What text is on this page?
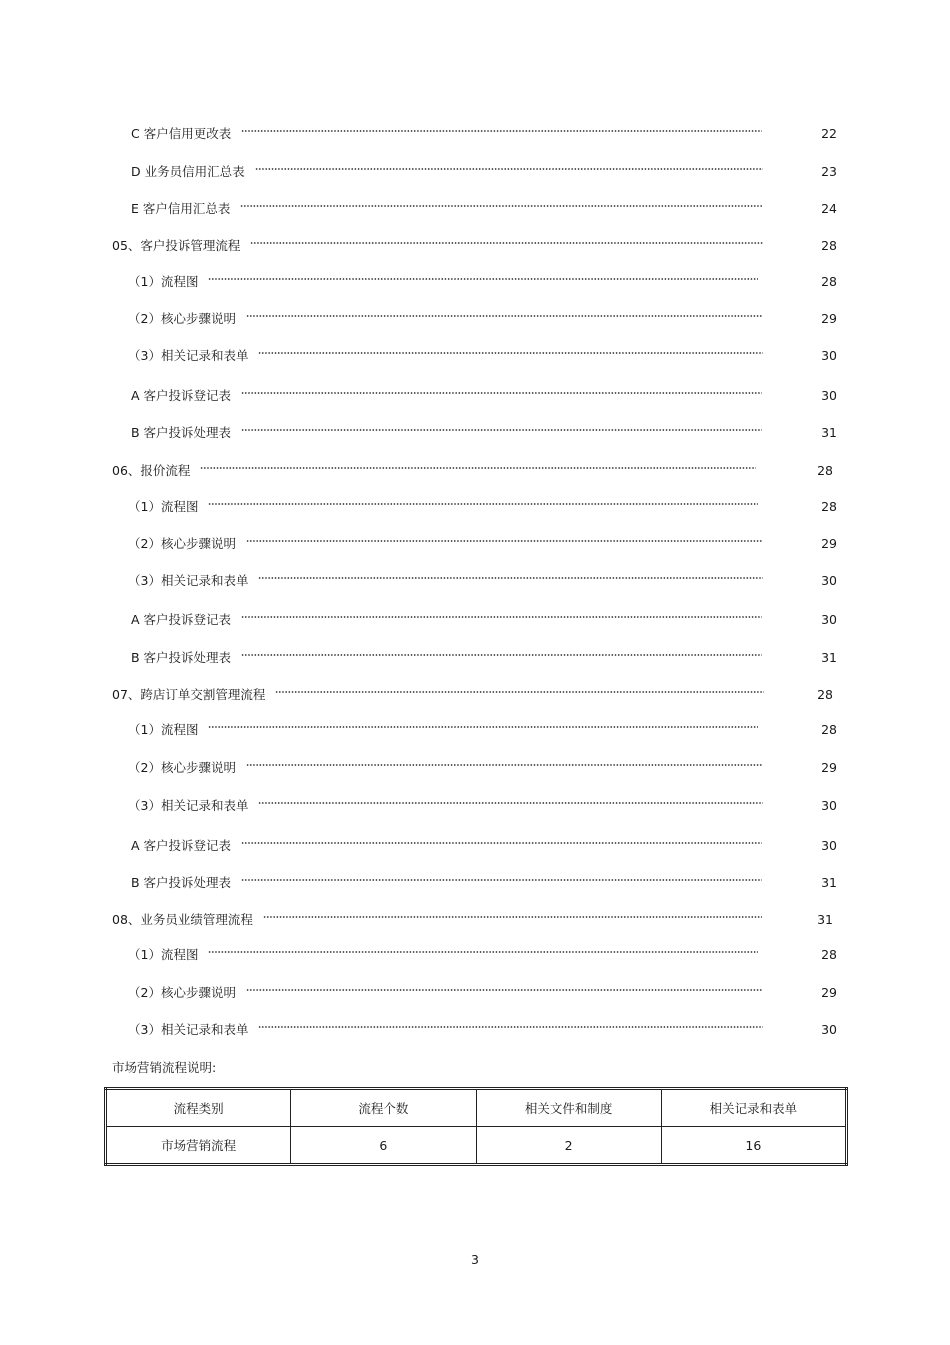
C 客户信用更改表	22
D 业务员信用汇总表	23
E 客户信用汇总表	24
05、客户投诉管理流程	28
（1）流程图	28
（2）核心步骤说明	29
（3）相关记录和表单	30
A 客户投诉登记表	30
B 客户投诉处理表	31
06、报价流程	28
（1）流程图	28
（2）核心步骤说明	29
（3）相关记录和表单	30
A 客户投诉登记表	30
B 客户投诉处理表	31
07、跨店订单交割管理流程	28
（1）流程图	28
（2）核心步骤说明	29
（3）相关记录和表单	30
A 客户投诉登记表	30
B 客户投诉处理表	31
08、业务员业绩管理流程	31
（1）流程图	28
（2）核心步骤说明	29
（3）相关记录和表单	30
市场营销流程说明:
流程类别	流程个数	相关文件和制度	相关记录和表单
市场营销流程	6	2	16
3
